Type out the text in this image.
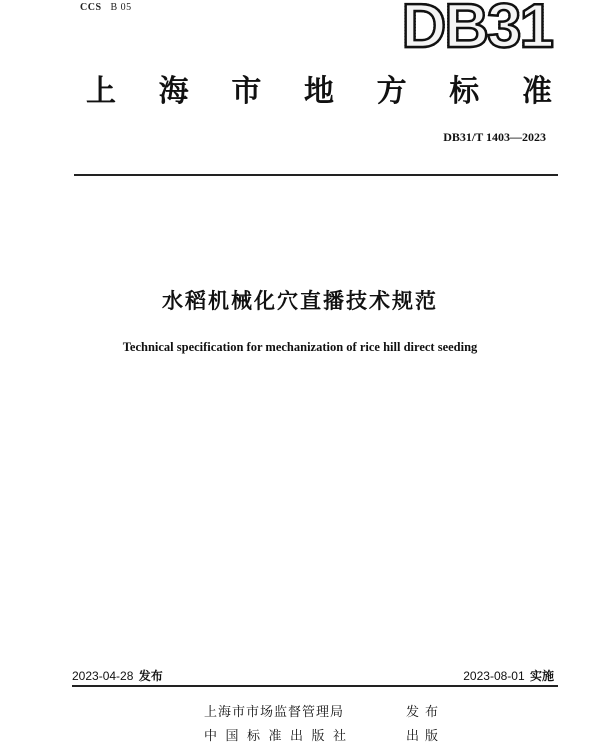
CCS B 05	DB31
上 海 市 地 方 标 准
DB31/T 1403—2023
水稻机械化穴直播技术规范
Technical specification for mechanization of rice hill direct seeding
2023-04-28 发布	2023-08-01 实施
上海市市场监督管理局	发布
中国标准出版社	出版
